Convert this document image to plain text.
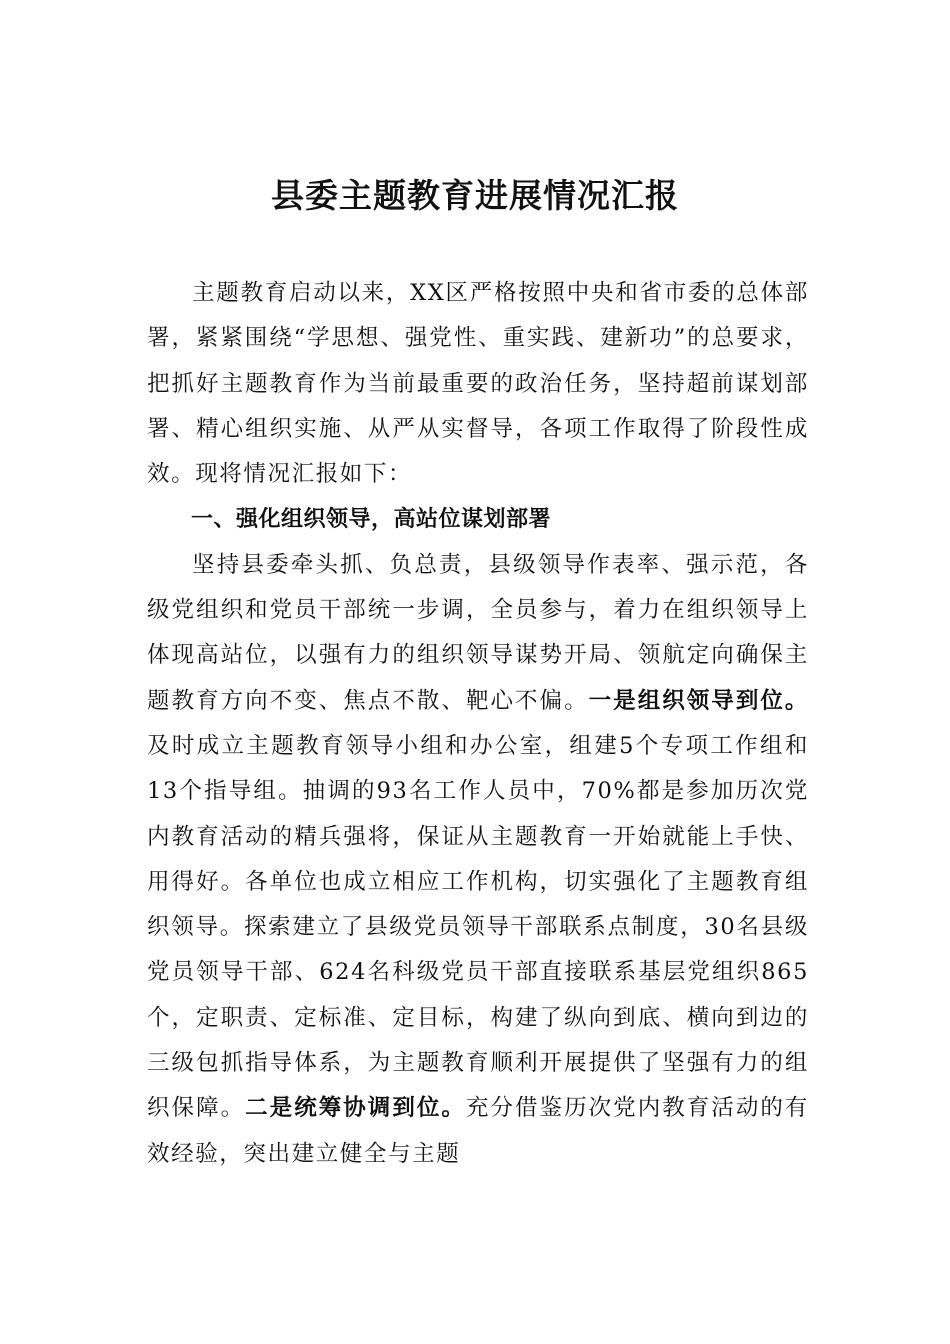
县委主题教育进展情况汇报

主题教育启动以来，XX区严格按照中央和省市委的总体部署，紧紧围绕“学思想、强党性、重实践、建新功”的总要求，把抓好主题教育作为当前最重要的政治任务，坚持超前谋划部署、精心组织实施、从严从实督导，各项工作取得了阶段性成效。现将情况汇报如下：

一、强化组织领导，高站位谋划部署

坚持县委牵头抓、负总责，县级领导作表率、强示范，各级党组织和党员干部统一步调，全员参与，着力在组织领导上体现高站位，以强有力的组织领导谋势开局、领航定向确保主题教育方向不变、焦点不散、靶心不偏。一是组织领导到位。及时成立主题教育领导小组和办公室，组建5个专项工作组和13个指导组。抽调的93名工作人员中，70%都是参加历次党内教育活动的精兵强将，保证从主题教育一开始就能上手快、用得好。各单位也成立相应工作机构，切实强化了主题教育组织领导。探索建立了县级党员领导干部联系点制度，30名县级党员领导干部、624名科级党员干部直接联系基层党组织865个，定职责、定标准、定目标，构建了纵向到底、横向到边的三级包抓指导体系，为主题教育顺利开展提供了坚强有力的组织保障。二是统筹协调到位。充分借鉴历次党内教育活动的有效经验，突出建立健全与主题
